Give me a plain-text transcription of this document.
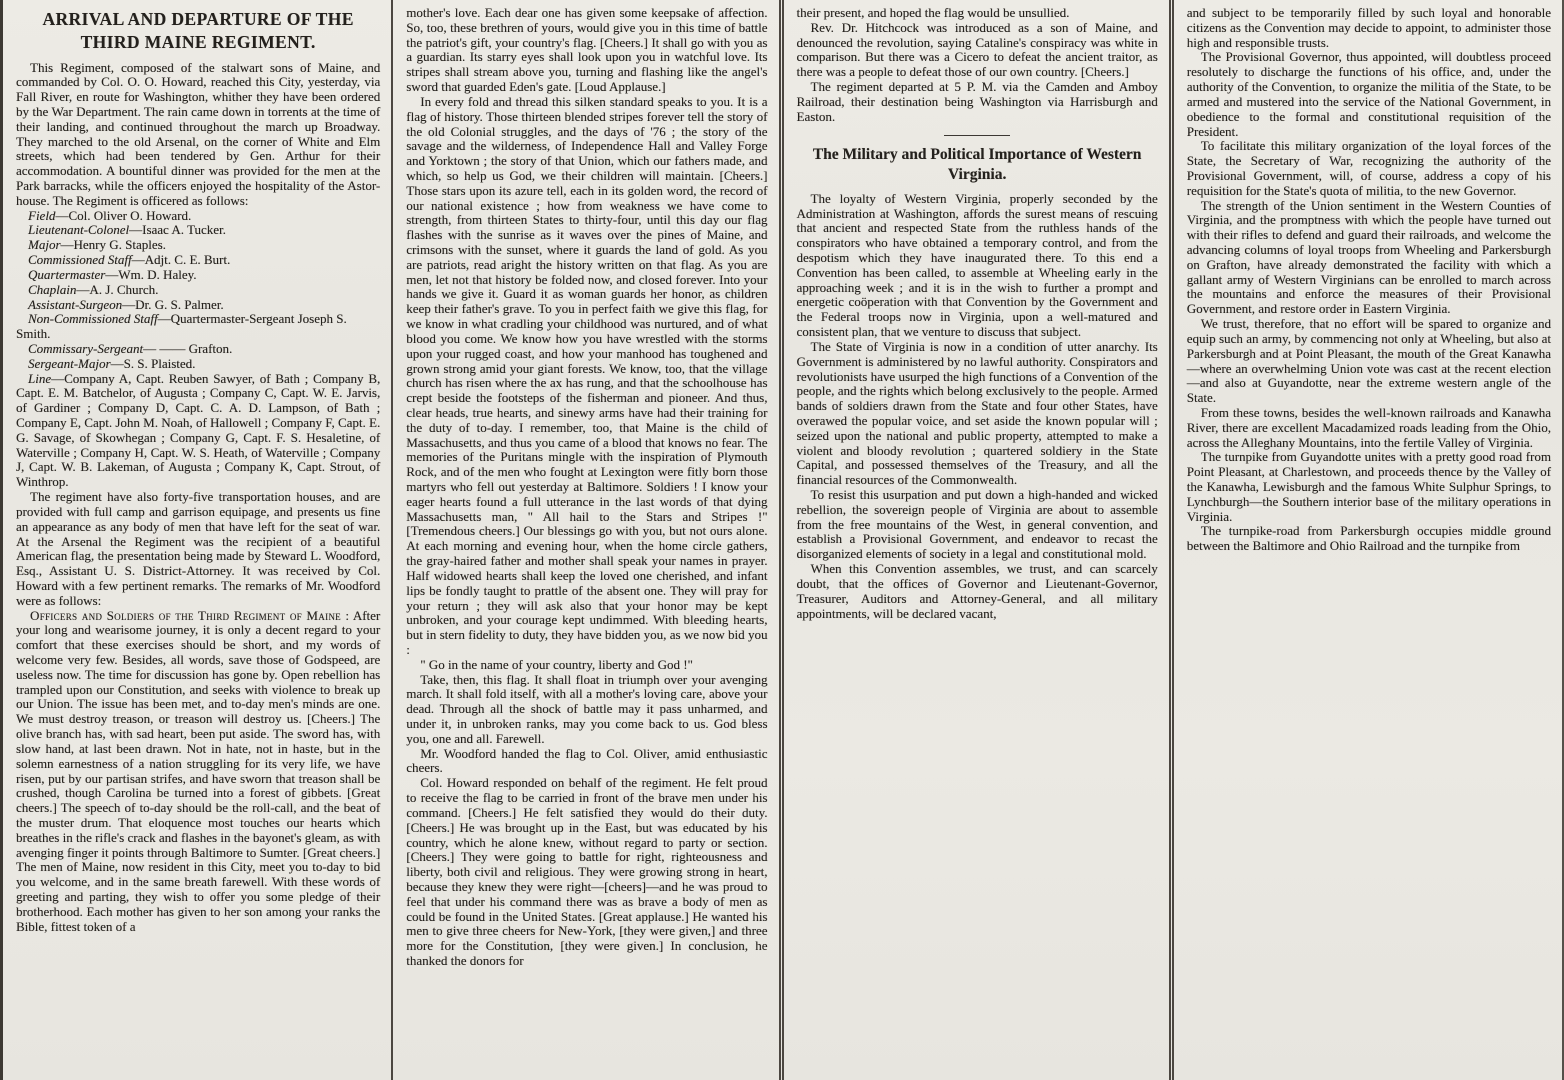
ARRIVAL AND DEPARTURE OF THE THIRD MAINE REGIMENT.

This Regiment, composed of the stalwart sons of Maine, and commanded by Col. O. O. Howard, reached this City, yesterday, via Fall River, en route for Washington, whither they have been ordered by the War Department. The rain came down in torrents at the time of their landing, and continued throughout the march up Broadway. They marched to the old Arsenal, on the corner of White and Elm streets, which had been tendered by Gen. Arthur for their accommodation. A bountiful dinner was provided for the men at the Park barracks, while the officers enjoyed the hospitality of the Astor-house. The Regiment is officered as follows:

Field—Col. Oliver O. Howard.
Lieutenant-Colonel—Isaac A. Tucker.
Major—Henry G. Staples.
Commissioned Staff—Adjt. C. E. Burt.
Quartermaster—Wm. D. Haley.
Chaplain—A. J. Church.
Assistant-Surgeon—Dr. G. S. Palmer.
Non-Commissioned Staff—Quartermaster-Sergeant Joseph S. Smith.
Commissary-Sergeant— —— Grafton.
Sergeant-Major—S. S. Plaisted.
Line—Company A, Capt. Reuben Sawyer, of Bath ; Company B, Capt. E. M. Batchelor, of Augusta ; Company C, Capt. W. E. Jarvis, of Gardiner ; Company D, Capt. C. A. D. Lampson, of Bath ; Company E, Capt. John M. Noah, of Hallowell ; Company F, Capt. E. G. Savage, of Skowhegan ; Company G, Capt. F. S. Hesaletine, of Waterville ; Company H, Capt. W. S. Heath, of Waterville ; Company J, Capt. W. B. Lakeman, of Augusta ; Company K, Capt. Strout, of Winthrop.

The regiment have also forty-five transportation houses, and are provided with full camp and garrison equipage, and presents us fine an appearance as any body of men that have left for the seat of war. At the Arsenal the Regiment was the recipient of a beautiful American flag, the presentation being made by Steward L. Woodford, Esq., Assistant U. S. District-Attorney. It was received by Col. Howard with a few pertinent remarks. The remarks of Mr. Woodford were as follows:

Officers and Soldiers of the Third Regiment of Maine : After your long and wearisome journey, it is only a decent regard to your comfort that these exercises should be short, and my words of welcome very few. Besides, all words, save those of Godspeed, are useless now. The time for discussion has gone by. Open rebellion has trampled upon our Constitution, and seeks with violence to break up our Union. The issue has been met, and to-day men's minds are one. We must destroy treason, or treason will destroy us. [Cheers.] The olive branch has, with sad heart, been put aside. The sword has, with slow hand, at last been drawn. Not in hate, not in haste, but in the solemn earnestness of a nation struggling for its very life, we have risen, put by our partisan strifes, and have sworn that treason shall be crushed, though Carolina be turned into a forest of gibbets. [Great cheers.] The speech of to-day should be the roll-call, and the beat of the muster drum. That eloquence most touches our hearts which breathes in the rifle's crack and flashes in the bayonet's gleam, as with avenging finger it points through Baltimore to Sumter. [Great cheers.] The men of Maine, now resident in this City, meet you to-day to bid you welcome, and in the same breath farewell. With these words of greeting and parting, they wish to offer you some pledge of their brotherhood. Each mother has given to her son among your ranks the Bible, fittest token of a

mother's love. Each dear one has given some keepsake of affection. So, too, these brethren of yours, would give you in this time of battle the patriot's gift, your country's flag. [Cheers.] It shall go with you as a guardian. Its starry eyes shall look upon you in watchful love. Its stripes shall stream above you, turning and flashing like the angel's sword that guarded Eden's gate. [Loud Applause.]

In every fold and thread this silken standard speaks to you. It is a flag of history. Those thirteen blended stripes forever tell the story of the old Colonial struggles, and the days of '76 ; the story of the savage and the wilderness, of Independence Hall and Valley Forge and Yorktown ; the story of that Union, which our fathers made, and which, so help us God, we their children will maintain. [Cheers.] Those stars upon its azure tell, each in its golden word, the record of our national existence ; how from weakness we have come to strength, from thirteen States to thirty-four, until this day our flag flashes with the sunrise as it waves over the pines of Maine, and crimsons with the sunset, where it guards the land of gold. As you are patriots, read aright the history written on that flag. As you are men, let not that history be folded now, and closed forever. Into your hands we give it. Guard it as woman guards her honor, as children keep their father's grave. To you in perfect faith we give this flag, for we know in what cradling your childhood was nurtured, and of what blood you come. We know how you have wrestled with the storms upon your rugged coast, and how your manhood has toughened and grown strong amid your giant forests. We know, too, that the village church has risen where the ax has rung, and that the schoolhouse has crept beside the footsteps of the fisherman and pioneer. And thus, clear heads, true hearts, and sinewy arms have had their training for the duty of to-day. I remember, too, that Maine is the child of Massachusetts, and thus you came of a blood that knows no fear. The memories of the Puritans mingle with the inspiration of Plymouth Rock, and of the men who fought at Lexington were fitly born those martyrs who fell out yesterday at Baltimore. Soldiers ! I know your eager hearts found a full utterance in the last words of that dying Massachusetts man, " All hail to the Stars and Stripes !" [Tremendous cheers.] Our blessings go with you, but not ours alone. At each morning and evening hour, when the home circle gathers, the gray-haired father and mother shall speak your names in prayer. Half widowed hearts shall keep the loved one cherished, and infant lips be fondly taught to prattle of the absent one. They will pray for your return ; they will ask also that your honor may be kept unbroken, and your courage kept undimmed. With bleeding hearts, but in stern fidelity to duty, they have bidden you, as we now bid you :

" Go in the name of your country, liberty and God !"

Take, then, this flag. It shall float in triumph over your avenging march. It shall fold itself, with all a mother's loving care, above your dead. Through all the shock of battle may it pass unharmed, and under it, in unbroken ranks, may you come back to us. God bless you, one and all. Farewell.

Mr. Woodford handed the flag to Col. Oliver, amid enthusiastic cheers.

Col. Howard responded on behalf of the regiment. He felt proud to receive the flag to be carried in front of the brave men under his command. [Cheers.] He felt satisfied they would do their duty. [Cheers.] He was brought up in the East, but was educated by his country, which he alone knew, without regard to party or section. [Cheers.] They were going to battle for right, righteousness and liberty, both civil and religious. They were growing strong in heart, because they knew they were right—[cheers]—and he was proud to feel that under his command there was as brave a body of men as could be found in the United States. [Great applause.] He wanted his men to give three cheers for New-York, [they were given,] and three more for the Constitution, [they were given.] In conclusion, he thanked the donors for

their present, and hoped the flag would be unsullied.

Rev. Dr. Hitchcock was introduced as a son of Maine, and denounced the revolution, saying Cataline's conspiracy was white in comparison. But there was a Cicero to defeat the ancient traitor, as there was a people to defeat those of our own country. [Cheers.]

The regiment departed at 5 P. M. via the Camden and Amboy Railroad, their destination being Washington via Harrisburgh and Easton.

The Military and Political Importance of Western Virginia.

The loyalty of Western Virginia, properly seconded by the Administration at Washington, affords the surest means of rescuing that ancient and respected State from the ruthless hands of the conspirators who have obtained a temporary control, and from the despotism which they have inaugurated there. To this end a Convention has been called, to assemble at Wheeling early in the approaching week ; and it is in the wish to further a prompt and energetic coöperation with that Convention by the Government and the Federal troops now in Virginia, upon a well-matured and consistent plan, that we venture to discuss that subject.

The State of Virginia is now in a condition of utter anarchy. Its Government is administered by no lawful authority. Conspirators and revolutionists have usurped the high functions of a Convention of the people, and the rights which belong exclusively to the people. Armed bands of soldiers drawn from the State and four other States, have overawed the popular voice, and set aside the known popular will ; seized upon the national and public property, attempted to make a violent and bloody revolution ; quartered soldiery in the State Capital, and possessed themselves of the Treasury, and all the financial resources of the Commonwealth.

To resist this usurpation and put down a high-handed and wicked rebellion, the sovereign people of Virginia are about to assemble from the free mountains of the West, in general convention, and establish a Provisional Government, and endeavor to recast the disorganized elements of society in a legal and constitutional mold.

When this Convention assembles, we trust, and can scarcely doubt, that the offices of Governor and Lieutenant-Governor, Treasurer, Auditors and Attorney-General, and all military appointments, will be declared vacant,

and subject to be temporarily filled by such loyal and honorable citizens as the Convention may decide to appoint, to administer those high and responsible trusts.

The Provisional Governor, thus appointed, will doubtless proceed resolutely to discharge the functions of his office, and, under the authority of the Convention, to organize the militia of the State, to be armed and mustered into the service of the National Government, in obedience to the formal and constitutional requisition of the President.

To facilitate this military organization of the loyal forces of the State, the Secretary of War, recognizing the authority of the Provisional Government, will, of course, address a copy of his requisition for the State's quota of militia, to the new Governor.

The strength of the Union sentiment in the Western Counties of Virginia, and the promptness with which the people have turned out with their rifles to defend and guard their railroads, and welcome the advancing columns of loyal troops from Wheeling and Parkersburgh on Grafton, have already demonstrated the facility with which a gallant army of Western Virginians can be enrolled to march across the mountains and enforce the measures of their Provisional Government, and restore order in Eastern Virginia.

We trust, therefore, that no effort will be spared to organize and equip such an army, by commencing not only at Wheeling, but also at Parkersburgh and at Point Pleasant, the mouth of the Great Kanawha—where an overwhelming Union vote was cast at the recent election—and also at Guyandotte, near the extreme western angle of the State.

From these towns, besides the well-known railroads and Kanawha River, there are excellent Macadamized roads leading from the Ohio, across the Alleghany Mountains, into the fertile Valley of Virginia.

The turnpike from Guyandotte unites with a pretty good road from Point Pleasant, at Charlestown, and proceeds thence by the Valley of the Kanawha, Lewisburgh and the famous White Sulphur Springs, to Lynchburgh—the Southern interior base of the military operations in Virginia.

The turnpike-road from Parkersburgh occupies middle ground between the Baltimore and Ohio Railroad and the turnpike from
